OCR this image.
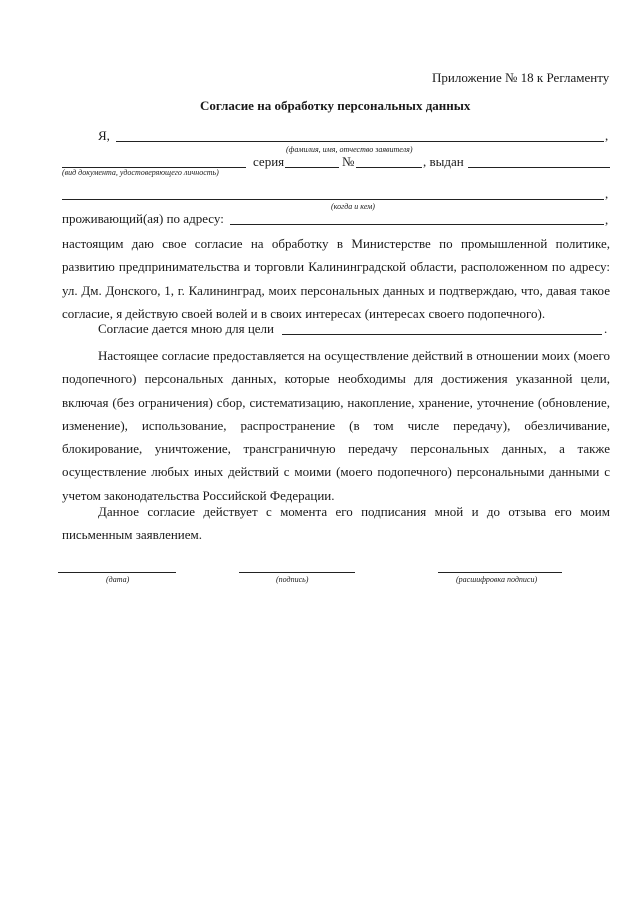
Приложение № 18 к Регламенту
Согласие на обработку персональных данных
Я,	,
(фамилия, имя, отчество заявителя)
серия	№	, выдан
(вид документа, удостоверяющего личность)
,
(когда и кем)
проживающий(ая) по адресу:	,

настоящим даю свое согласие на обработку в Министерстве по промышленной политике, развитию предпринимательства и торговли Калининградской области, расположенном по адресу: ул. Дм. Донского, 1, г. Калининград, моих персональных данных и подтверждаю, что, давая такое согласие, я действую своей волей и в своих интересах (интересах своего подопечного).

Согласие дается мною для цели	.

Настоящее согласие предоставляется на осуществление действий в отношении моих (моего подопечного) персональных данных, которые необходимы для достижения указанной цели, включая (без ограничения) сбор, систематизацию, накопление, хранение, уточнение (обновление, изменение), использование, распространение (в том числе передачу), обезличивание, блокирование, уничтожение, трансграничную передачу персональных данных, а также осуществление любых иных действий с моими (моего подопечного) персональными данными с учетом законодательства Российской Федерации.

Данное согласие действует с момента его подписания мной и до отзыва его моим письменным заявлением.

(дата)	(подпись)	(расшифровка подписи)
